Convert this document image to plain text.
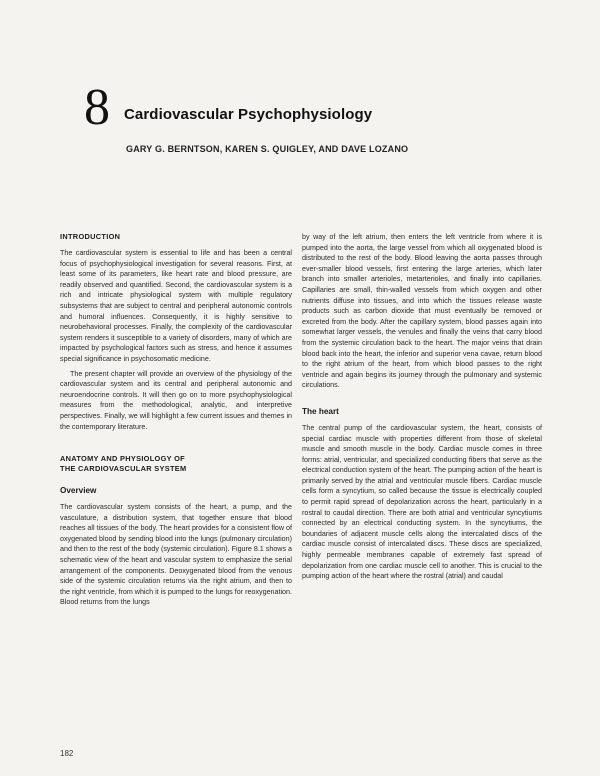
8 Cardiovascular Psychophysiology
GARY G. BERNTSON, KAREN S. QUIGLEY, AND DAVE LOZANO
INTRODUCTION

The cardiovascular system is essential to life and has been a central focus of psychophysiological investigation for several reasons. First, at least some of its parameters, like heart rate and blood pressure, are readily observed and quantified. Second, the cardiovascular system is a rich and intricate physiological system with multiple regulatory subsystems that are subject to central and peripheral autonomic controls and humoral influences. Consequently, it is highly sensitive to neurobehavioral processes. Finally, the complexity of the cardiovascular system renders it susceptible to a variety of disorders, many of which are impacted by psychological factors such as stress, and hence it assumes special significance in psychosomatic medicine.

The present chapter will provide an overview of the physiology of the cardiovascular system and its central and peripheral autonomic and neuroendocrine controls. It will then go on to more psychophysiological measures from the methodological, analytic, and interpretive perspectives. Finally, we will highlight a few current issues and themes in the contemporary literature.

ANATOMY AND PHYSIOLOGY OF
THE CARDIOVASCULAR SYSTEM
Overview

The cardiovascular system consists of the heart, a pump, and the vasculature, a distribution system, that together ensure that blood reaches all tissues of the body. The heart provides for a consistent flow of oxygenated blood by sending blood into the lungs (pulmonary circulation) and then to the rest of the body (systemic circulation). Figure 8.1 shows a schematic view of the heart and vascular system to emphasize the serial arrangement of the components. Deoxygenated blood from the venous side of the systemic circulation returns via the right atrium, and then to the right ventricle, from which it is pumped to the lungs for reoxygenation. Blood returns from the lungs

by way of the left atrium, then enters the left ventricle from where it is pumped into the aorta, the large vessel from which all oxygenated blood is distributed to the rest of the body. Blood leaving the aorta passes through ever-smaller blood vessels, first entering the large arteries, which later branch into smaller arterioles, metarterioles, and finally into capillaries. Capillaries are small, thin-walled vessels from which oxygen and other nutrients diffuse into tissues, and into which the tissues release waste products such as carbon dioxide that must eventually be removed or excreted from the body. After the capillary system, blood passes again into somewhat larger vessels, the venules and finally the veins that carry blood from the systemic circulation back to the heart. The major veins that drain blood back into the heart, the inferior and superior vena cavae, return blood to the right atrium of the heart, from which blood passes to the right ventricle and again begins its journey through the pulmonary and systemic circulations.

The heart

The central pump of the cardiovascular system, the heart, consists of special cardiac muscle with properties different from those of skeletal muscle and smooth muscle in the body. Cardiac muscle comes in three forms: atrial, ventricular, and specialized conducting fibers that serve as the electrical conduction system of the heart. The pumping action of the heart is primarily served by the atrial and ventricular muscle fibers. Cardiac muscle cells form a syncytium, so called because the tissue is electrically coupled to permit rapid spread of depolarization across the heart, particularly in a rostral to caudal direction. There are both atrial and ventricular syncytiums connected by an electrical conducting system. In the syncytiums, the boundaries of adjacent muscle cells along the intercalated discs of the cardiac muscle consist of intercalated discs. These discs are specialized, highly permeable membranes capable of extremely fast spread of depolarization from one cardiac muscle cell to another. This is crucial to the pumping action of the heart where the rostral (atrial) and caudal

182
